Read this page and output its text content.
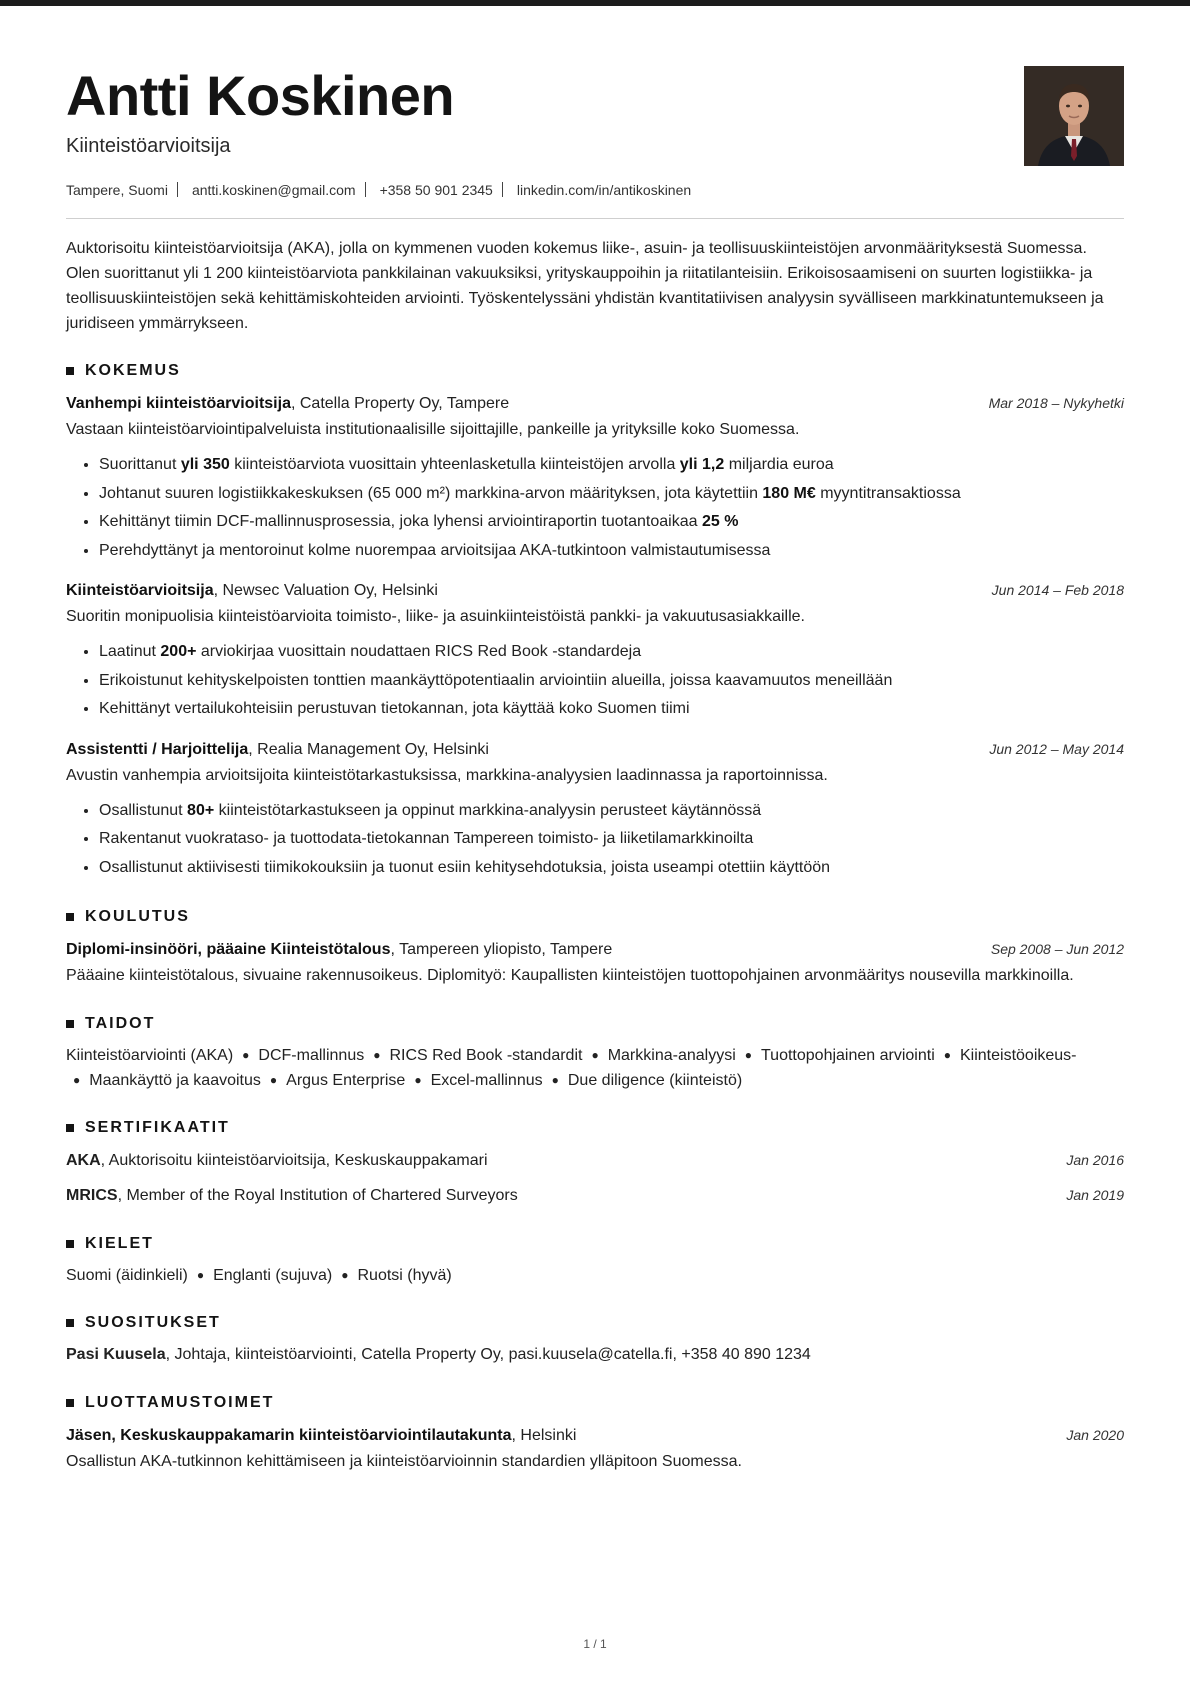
Antti Koskinen
Kiinteistöarvioitsija
Tampere, Suomi antti.koskinen@gmail.com +358 50 901 2345 linkedin.com/in/antikoskinen

Auktorisoitu kiinteistöarvioitsija (AKA), jolla on kymmenen vuoden kokemus liike-, asuin- ja teollisuuskiinteistöjen arvonmäärityksestä Suomessa. Olen suorittanut yli 1 200 kiinteistöarviota pankkilainan vakuuksiksi, yrityskauppoihin ja riitatilanteisiin. Erikoisosaamiseni on suurten logistiikka- ja teollisuuskiinteistöjen sekä kehittämiskohteiden arviointi. Työskentelyssäni yhdistän kvantitatiivisen analyysin syvälliseen markkinatuntemukseen ja juridiseen ymmärrykseen.

KOKEMUS
Vanhempi kiinteistöarvioitsija, Catella Property Oy, Tampere	Mar 2018 – Nykyhetki
Vastaan kiinteistöarviointipalveluista institutionaalisille sijoittajille, pankeille ja yrityksille koko Suomessa.
• Suorittanut yli 350 kiinteistöarviota vuosittain yhteenlasketulla kiinteistöjen arvolla yli 1,2 miljardia euroa
• Johtanut suuren logistiikkakeskuksen (65 000 m²) markkina-arvon määrityksen, jota käytettiin 180 M€ myyntitransaktiossa
• Kehittänyt tiimin DCF-mallinnusprosessia, joka lyhensi arviointiraportin tuotantoaikaa 25 %
• Perehdyttänyt ja mentoroinut kolme nuorempaa arvioitsijaa AKA-tutkintoon valmistautumisessa
Kiinteistöarvioitsija, Newsec Valuation Oy, Helsinki	Jun 2014 – Feb 2018
Suoritin monipuolisia kiinteistöarvioita toimisto-, liike- ja asuinkiinteistöistä pankki- ja vakuutusasiakkaille.
• Laatinut 200+ arviokirjaa vuosittain noudattaen RICS Red Book -standardeja
• Erikoistunut kehityskelpoisten tonttien maankäyttöpotentiaalin arviointiin alueilla, joissa kaavamuutos meneillään
• Kehittänyt vertailukohteisiin perustuvan tietokannan, jota käyttää koko Suomen tiimi
Assistentti / Harjoittelija, Realia Management Oy, Helsinki	Jun 2012 – May 2014
Avustin vanhempia arvioitsijoita kiinteistötarkastuksissa, markkina-analyysien laadinnassa ja raportoinnissa.
• Osallistunut 80+ kiinteistötarkastukseen ja oppinut markkina-analyysin perusteet käytännössä
• Rakentanut vuokrataso- ja tuottodata-tietokannan Tampereen toimisto- ja liiketilamarkkinoilta
• Osallistunut aktiivisesti tiimikokouksiin ja tuonut esiin kehitysehdotuksia, joista useampi otettiin käyttöön
KOULUTUS
Diplomi-insinööri, pääaine Kiinteistötalous, Tampereen yliopisto, Tampere	Sep 2008 – Jun 2012
Pääaine kiinteistötalous, sivuaine rakennusoikeus. Diplomityö: Kaupallisten kiinteistöjen tuottopohjainen arvonmääritys nousevilla markkinoilla.
TAIDOT
Kiinteistöarviointi (AKA) ● DCF-mallinnus ● RICS Red Book -standardit ● Markkina-analyysi ● Tuottopohjainen arviointi ● Kiinteistöoikeus-
● Maankäyttö ja kaavoitus ● Argus Enterprise ● Excel-mallinnus ● Due diligence (kiinteistö)
SERTIFIKAATIT
AKA, Auktorisoitu kiinteistöarvioitsija, Keskuskauppakamari	Jan 2016
MRICS, Member of the Royal Institution of Chartered Surveyors	Jan 2019
KIELET
Suomi (äidinkieli) ● Englanti (sujuva) ● Ruotsi (hyvä)
SUOSITUKSET
Pasi Kuusela, Johtaja, kiinteistöarviointi, Catella Property Oy, pasi.kuusela@catella.fi, +358 40 890 1234
LUOTTAMUSTOIMET
Jäsen, Keskuskauppakamarin kiinteistöarviointilautakunta, Helsinki	Jan 2020
Osallistun AKA-tutkinnon kehittämiseen ja kiinteistöarvioinnin standardien ylläpitoon Suomessa.
1 / 1
